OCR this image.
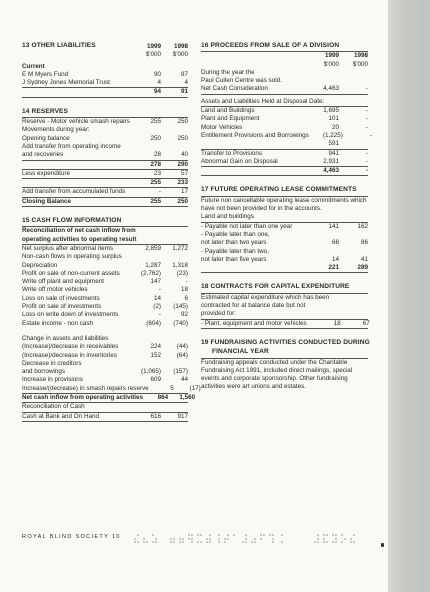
13 OTHER LIABILITIES	1999	1998
$'000	$'000
Current
E M Myers Fund	90	87
J Sydney Jones Memorial Trust	4	4
94	91
14 RESERVES
Reserve - Motor vehicle smash repairs	255	250
Movements during year:
Opening balance	250	250
Add transfer from operating income
and recoveries	28	40
278	290
Less expenditure	23	57
255	233
Add transfer from accumulated funds	-	17
Closing Balance	255	250
15 CASH FLOW INFORMATION
Reconciliation of net cash inflow from
operating activities to operating result
Net surplus after abnormal items	2,859	1,272
Non-cash flows in operating surplus
Depreciation	1,287	1,318
Profit on sale of non-current assets	(2,762)	(23)
Write off plant and equipment	147	-
Write off motor vehicles	-	18
Loss on sale of investments	14	6
Profit on sale of investments	(2)	(145)
Loss on write down of investments	-	92
Estate income - non cash	(604)	(740)
Change in assets and liabilities
(Increase)/decrease in receivables	224	(44)
(Increase)/decrease in inventories	152	(64)
Decrease in creditors
and borrowings	(1,065)	(157)
Increase in provisions	609	44
Increase/(decrease) in smash repairs reserve	5	(17)
Net cash inflow from operating activities	864	1,560
Reconciliation of Cash
Cash at Bank and On Hand	616	917
16 PROCEEDS FROM SALE OF A DIVISION
1999	1998
$'000	$'000
During the year the
Paul Cullen Centre was sold.
Net Cash Consideration	4,463	-
Assets and Liabilities Held at Disposal Date:
Land and Buildings	1,695	-
Plant and Equipment	101	-
Motor Vehicles	20	-
Entitlement Provisions and Borrowings	(1,225)	-
591
Transfer to Provisions	941	-
Abnormal Gain on Disposal	2,931	-
4,463	-
17 FUTURE OPERATING LEASE COMMITMENTS
Future non cancellable operating lease commitments which have not been provided for in the accounts.
Land and buildings
- Payable not later than one year	141	162
- Payable later than one,
not later than two years	66	86
- Payable later than two,
not later than five years	14	41
221	289
18 CONTRACTS FOR CAPITAL EXPENDITURE
Estimated capital expenditure which has been
contracted for at balance date but not
provided for:
- Plant, equipment and motor vehicles	18	67
19 FUNDRAISING ACTIVITIES CONDUCTED DURING
FINANCIAL YEAR
Fundraising appeals conducted under the Charitable Fundraising Act 1991, included direct mailings, special events and corporate sponsorship. Other fundraising activities were art unions and estates.
ROYAL BLIND SOCIETY 10
